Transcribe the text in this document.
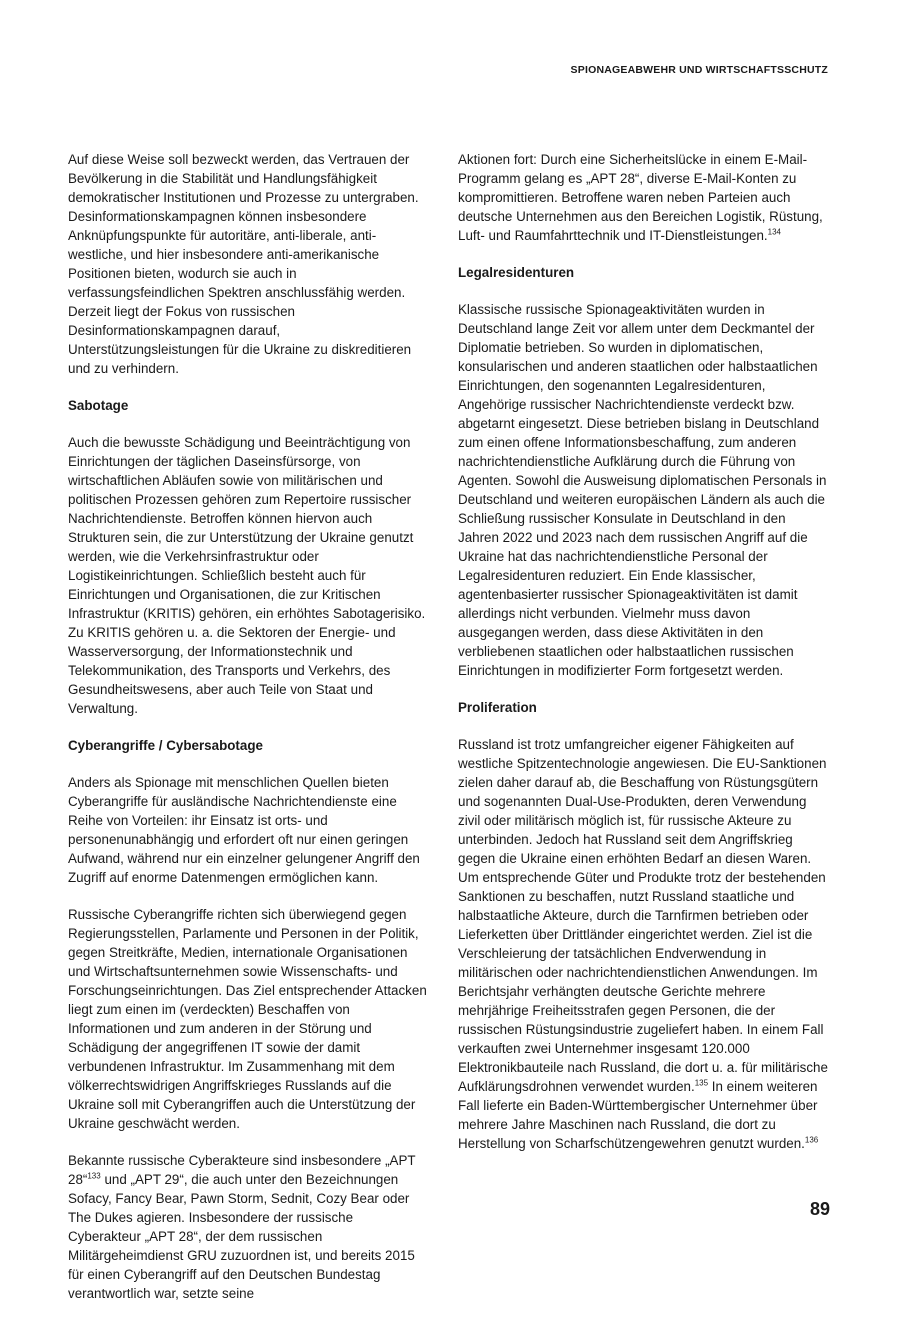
SPIONAGEABWEHR UND WIRTSCHAFTSSCHUTZ

Auf diese Weise soll bezweckt werden, das Vertrauen der Bevölkerung in die Stabilität und Handlungsfähigkeit demokratischer Institutionen und Prozesse zu untergraben. Desinformationskampagnen können insbesondere Anknüpfungspunkte für autoritäre, anti-liberale, anti-westliche, und hier insbesondere anti-amerikanische Positionen bieten, wodurch sie auch in verfassungsfeindlichen Spektren anschlussfähig werden. Derzeit liegt der Fokus von russischen Desinformationskampagnen darauf, Unterstützungsleistungen für die Ukraine zu diskreditieren und zu verhindern.

Sabotage

Auch die bewusste Schädigung und Beeinträchtigung von Einrichtungen der täglichen Daseinsfürsorge, von wirtschaftlichen Abläufen sowie von militärischen und politischen Prozessen gehören zum Repertoire russischer Nachrichtendienste. Betroffen können hiervon auch Strukturen sein, die zur Unterstützung der Ukraine genutzt werden, wie die Verkehrsinfrastruktur oder Logistikeinrichtungen. Schließlich besteht auch für Einrichtungen und Organisationen, die zur Kritischen Infrastruktur (KRITIS) gehören, ein erhöhtes Sabotagerisiko. Zu KRITIS gehören u. a. die Sektoren der Energie- und Wasserversorgung, der Informationstechnik und Telekommunikation, des Transports und Verkehrs, des Gesundheitswesens, aber auch Teile von Staat und Verwaltung.

Cyberangriffe / Cybersabotage

Anders als Spionage mit menschlichen Quellen bieten Cyberangriffe für ausländische Nachrichtendienste eine Reihe von Vorteilen: ihr Einsatz ist orts- und personenunabhängig und erfordert oft nur einen geringen Aufwand, während nur ein einzelner gelungener Angriff den Zugriff auf enorme Datenmengen ermöglichen kann.

Russische Cyberangriffe richten sich überwiegend gegen Regierungsstellen, Parlamente und Personen in der Politik, gegen Streitkräfte, Medien, internationale Organisationen und Wirtschaftsunternehmen sowie Wissenschafts- und Forschungseinrichtungen. Das Ziel entsprechender Attacken liegt zum einen im (verdeckten) Beschaffen von Informationen und zum anderen in der Störung und Schädigung der angegriffenen IT sowie der damit verbundenen Infrastruktur. Im Zusammenhang mit dem völkerrechtswidrigen Angriffskrieges Russlands auf die Ukraine soll mit Cyberangriffen auch die Unterstützung der Ukraine geschwächt werden.

Bekannte russische Cyberakteure sind insbesondere „APT 28“$^{133}$ und „APT 29“, die auch unter den Bezeichnungen Sofacy, Fancy Bear, Pawn Storm, Sednit, Cozy Bear oder The Dukes agieren. Insbesondere der russische Cyberakteur „APT 28“, der dem russischen Militärgeheimdienst GRU zuzuordnen ist, und bereits 2015 für einen Cyberangriff auf den Deutschen Bundestag verantwortlich war, setzte seine

Aktionen fort: Durch eine Sicherheitslücke in einem E-Mail-Programm gelang es „APT 28“, diverse E-Mail-Konten zu kompromittieren. Betroffene waren neben Parteien auch deutsche Unternehmen aus den Bereichen Logistik, Rüstung, Luft- und Raumfahrttechnik und IT-Dienstleistungen.$^{134}$

Legalresidenturen

Klassische russische Spionageaktivitäten wurden in Deutschland lange Zeit vor allem unter dem Deckmantel der Diplomatie betrieben. So wurden in diplomatischen, konsularischen und anderen staatlichen oder halbstaatlichen Einrichtungen, den sogenannten Legalresidenturen, Angehörige russischer Nachrichtendienste verdeckt bzw. abgetarnt eingesetzt. Diese betrieben bislang in Deutschland zum einen offene Informationsbeschaffung, zum anderen nachrichtendienstliche Aufklärung durch die Führung von Agenten. Sowohl die Ausweisung diplomatischen Personals in Deutschland und weiteren europäischen Ländern als auch die Schließung russischer Konsulate in Deutschland in den Jahren 2022 und 2023 nach dem russischen Angriff auf die Ukraine hat das nachrichtendienstliche Personal der Legalresidenturen reduziert. Ein Ende klassischer, agentenbasierter russischer Spionageaktivitäten ist damit allerdings nicht verbunden. Vielmehr muss davon ausgegangen werden, dass diese Aktivitäten in den verbliebenen staatlichen oder halbstaatlichen russischen Einrichtungen in modifizierter Form fortgesetzt werden.

Proliferation

Russland ist trotz umfangreicher eigener Fähigkeiten auf westliche Spitzentechnologie angewiesen. Die EU-Sanktionen zielen daher darauf ab, die Beschaffung von Rüstungsgütern und sogenannten Dual-Use-Produkten, deren Verwendung zivil oder militärisch möglich ist, für russische Akteure zu unterbinden. Jedoch hat Russland seit dem Angriffskrieg gegen die Ukraine einen erhöhten Bedarf an diesen Waren. Um entsprechende Güter und Produkte trotz der bestehenden Sanktionen zu beschaffen, nutzt Russland staatliche und halbstaatliche Akteure, durch die Tarnfirmen betrieben oder Lieferketten über Drittländer eingerichtet werden. Ziel ist die Verschleierung der tatsächlichen Endverwendung in militärischen oder nachrichtendienstlichen Anwendungen. Im Berichtsjahr verhängten deutsche Gerichte mehrere mehrjährige Freiheitsstrafen gegen Personen, die der russischen Rüstungsindustrie zugeliefert haben. In einem Fall verkauften zwei Unternehmer insgesamt 120.000 Elektronikbauteile nach Russland, die dort u. a. für militärische Aufklärungsdrohnen verwendet wurden.$^{135}$ In einem weiteren Fall lieferte ein Baden-Württembergischer Unternehmer über mehrere Jahre Maschinen nach Russland, die dort zu Herstellung von Scharfschützengewehren genutzt wurden.$^{136}$

89
